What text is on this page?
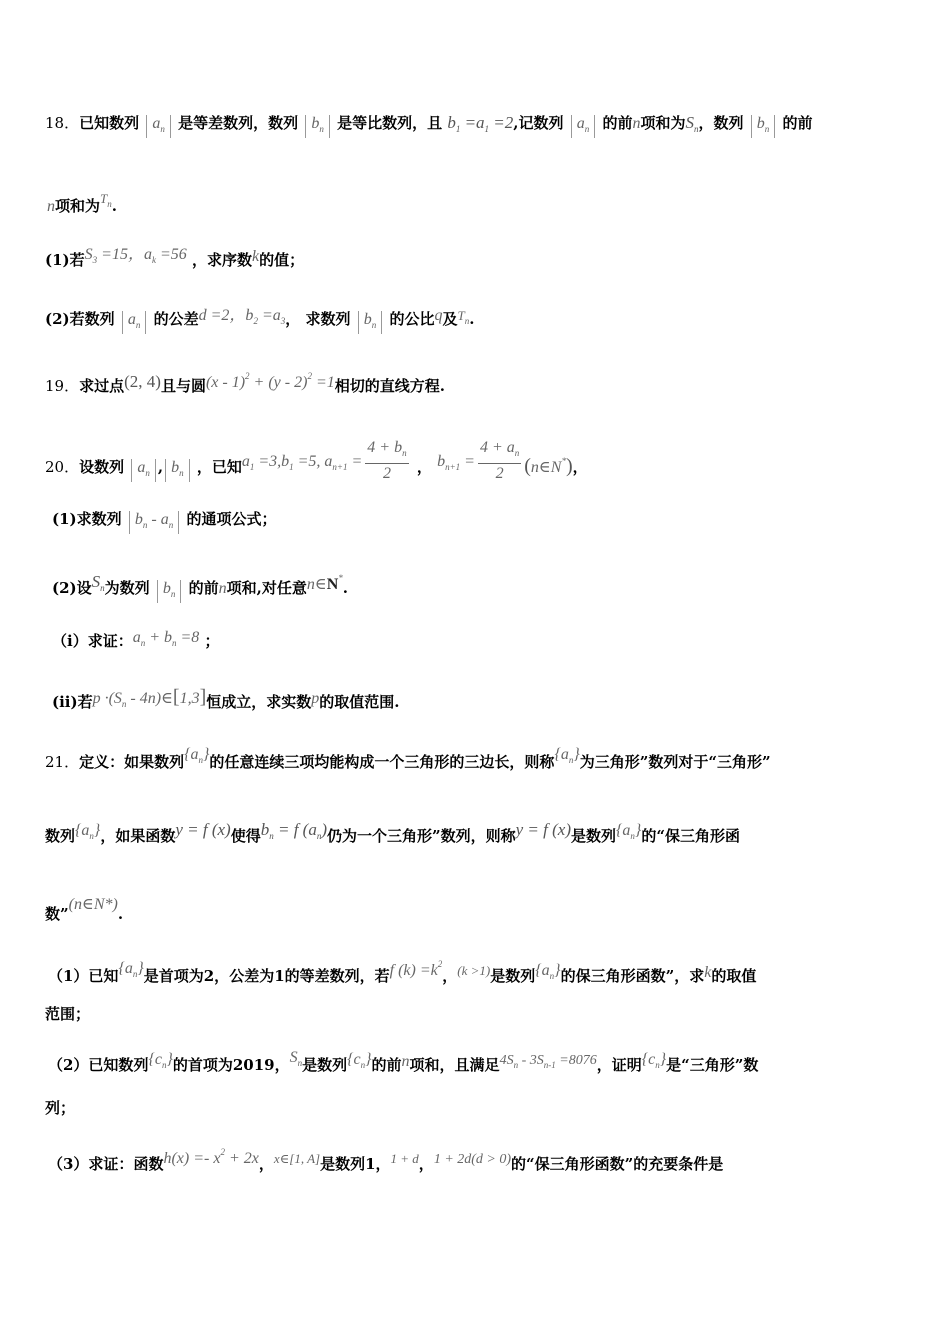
18．已知数列 $a_n$ 是等差数列，数列 $b_n$ 是等比数列，且 $b_1 =a_1 =2$,记数列 $a_n$ 的前n项和为$S_n$，数列 $b_n$ 的前
n项和为$T_n$.
(1)若$S_3 =15$，$a_k =56$ ，求序数k的值；
(2)若数列 $a_n$ 的公差d =2，$b_2 =a_3$， 求数列 $b_n$ 的公比q及$T_n$.
19．求过点(2, 4)且与圆(x - 1)$^2$ + (y - 2)$^2$ =1相切的直线方程.
20．设数列 $a_n$ , $b_n$ ，已知$a_1 =3,b_1 =5$, $a_{n+1} = \frac{4 + b_n}{2}$ ， $b_{n+1} = \frac{4 + a_n}{2}$ (n∈N*)，
(1)求数列 $b_n - a_n$ 的通项公式；
(2)设$S_n$为数列 $b_n$ 的前n项和,对任意n∈N*.
（i）求证：$a_n + b_n =8$ ；
(ii)若$p \cdot(S_n$ - 4n)∈[1,3]恒成立，求实数p的取值范围.
21．定义：如果数列$\{a_n\}$的任意连续三项均能构成一个三角形的三边长，则称$\{a_n\}$为三角形”数列对于“三角形”
数列$\{a_n\}$，如果函数y = f (x)使得$b_n = f$ $(a_n)$仍为一个三角形”数列，则称y = f (x)是数列$\{a_n\}$的“保三角形函
数”(n∈N*).
（1）已知$\{a_n\}$是首项为2，公差为1的等差数列，若f $(k) =k^2$，(k >1)是数列$\{a_n\}$的保三角形函数”，求k的取值
范围；
（2）已知数列$\{c_n\}$的首项为2019，$S_n$是数列$\{c_n\}$的前n项和，且满足$4S_n - 3S_{n-1} =8076$，证明$\{c_n\}$是“三角形”数
列；
（3）求证：函数$h(x) =- x^2 + 2x$，x∈[1, A]是数列1，1 + d，1 + 2d(d > 0)的“保三角形函数”的充要条件是
